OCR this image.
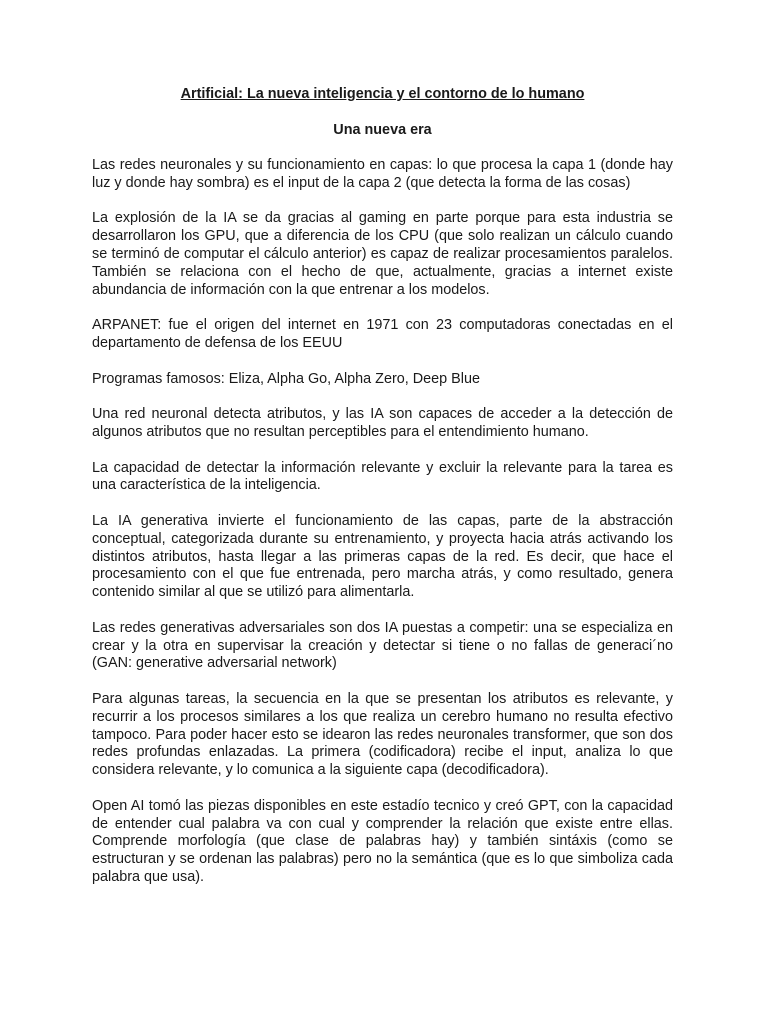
Artificial: La nueva inteligencia y el contorno de lo humano
Una nueva era

Las redes neuronales y su funcionamiento en capas: lo que procesa la capa 1 (donde hay luz y donde hay sombra) es el input de la capa 2 (que detecta la forma de las cosas)

La explosión de la IA se da gracias al gaming en parte porque para esta industria se desarrollaron los GPU, que a diferencia de los CPU (que solo realizan un cálculo cuando se terminó de computar el cálculo anterior) es capaz de realizar procesamientos paralelos. También se relaciona con el hecho de que, actualmente, gracias a internet existe abundancia de información con la que entrenar a los modelos.

ARPANET: fue el origen del internet en 1971 con 23 computadoras conectadas en el departamento de defensa de los EEUU

Programas famosos: Eliza, Alpha Go, Alpha Zero, Deep Blue

Una red neuronal detecta atributos, y las IA son capaces de acceder a la detección de algunos atributos que no resultan perceptibles para el entendimiento humano.

La capacidad de detectar la información relevante y excluir la relevante para la tarea es una característica de la inteligencia.

La IA generativa invierte el funcionamiento de las capas, parte de la abstracción conceptual, categorizada durante su entrenamiento, y proyecta hacia atrás activando los distintos atributos, hasta llegar a las primeras capas de la red. Es decir, que hace el procesamiento con el que fue entrenada, pero marcha atrás, y como resultado, genera contenido similar al que se utilizó para alimentarla.

Las redes generativas adversariales son dos IA puestas a competir: una se especializa en crear y la otra en supervisar la creación y detectar si tiene o no fallas de generaci´no (GAN: generative adversarial network)

Para algunas tareas, la secuencia en la que se presentan los atributos es relevante, y recurrir a los procesos similares a los que realiza un cerebro humano no resulta efectivo tampoco. Para poder hacer esto se idearon las redes neuronales transformer, que son dos redes profundas enlazadas. La primera (codificadora) recibe el input, analiza lo que considera relevante, y lo comunica a la siguiente capa (decodificadora).

Open AI tomó las piezas disponibles en este estadío tecnico y creó GPT, con la capacidad de entender cual palabra va con cual y comprender la relación que existe entre ellas. Comprende morfología (que clase de palabras hay) y también sintáxis (como se estructuran y se ordenan las palabras) pero no la semántica (que es lo que simboliza cada palabra que usa).
